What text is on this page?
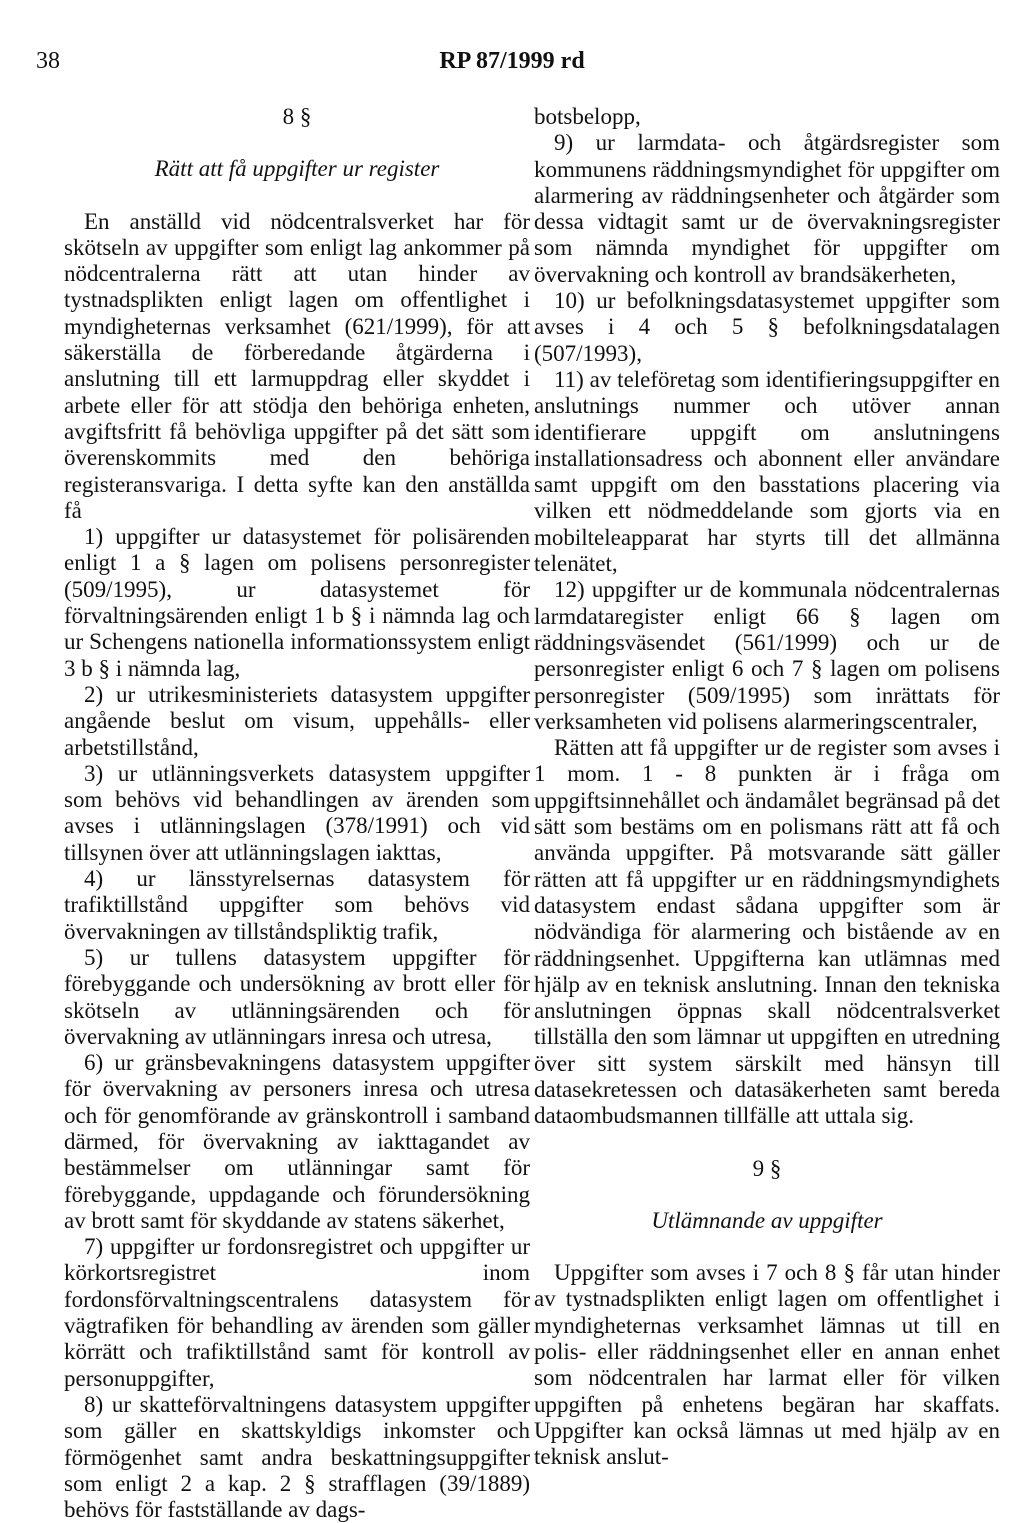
38	RP 87/1999 rd
8 §
Rätt att få uppgifter ur register

En anställd vid nödcentralsverket har för skötseln av uppgifter som enligt lag ankommer på nödcentralerna rätt att utan hinder av tystnadsplikten enligt lagen om offentlighet i myndigheternas verksamhet (621/1999), för att säkerställa de förberedande åtgärderna i anslutning till ett larmuppdrag eller skyddet i arbete eller för att stödja den behöriga enheten, avgiftsfritt få behövliga uppgifter på det sätt som överenskommits med den behöriga registeransvariga. I detta syfte kan den anställda få

1) uppgifter ur datasystemet för polisärenden enligt 1 a § lagen om polisens personregister (509/1995), ur datasystemet för förvaltningsärenden enligt 1 b § i nämnda lag och ur Schengens nationella informationssystem enligt 3 b § i nämnda lag,

2) ur utrikesministeriets datasystem uppgifter angående beslut om visum, uppehålls- eller arbetstillstånd,

3) ur utlänningsverkets datasystem uppgifter som behövs vid behandlingen av ärenden som avses i utlänningslagen (378/1991) och vid tillsynen över att utlänningslagen iakttas,

4) ur länsstyrelsernas datasystem för trafiktillstånd uppgifter som behövs vid övervakningen av tillståndspliktig trafik,

5) ur tullens datasystem uppgifter för förebyggande och undersökning av brott eller för skötseln av utlänningsärenden och för övervakning av utlänningars inresa och utresa,

6) ur gränsbevakningens datasystem uppgifter för övervakning av personers inresa och utresa och för genomförande av gränskontroll i samband därmed, för övervakning av iakttagandet av bestämmelser om utlänningar samt för förebyggande, uppdagande och förundersökning av brott samt för skyddande av statens säkerhet,

7) uppgifter ur fordonsregistret och uppgifter ur körkortsregistret inom fordonsförvaltningscentralens datasystem för vägtrafiken för behandling av ärenden som gäller körrätt och trafiktillstånd samt för kontroll av personuppgifter,

8) ur skatteförvaltningens datasystem uppgifter som gäller en skattskyldigs inkomster och förmögenhet samt andra beskattningsuppgifter som enligt 2 a kap. 2 § strafflagen (39/1889) behövs för fastställande av dags-

botsbelopp,

9) ur larmdata- och åtgärdsregister som kommunens räddningsmyndighet för uppgifter om alarmering av räddningsenheter och åtgärder som dessa vidtagit samt ur de övervakningsregister som nämnda myndighet för uppgifter om övervakning och kontroll av brandsäkerheten,

10) ur befolkningsdatasystemet uppgifter som avses i 4 och 5 § befolkningsdatalagen (507/1993),

11) av teleföretag som identifieringsuppgifter en anslutnings nummer och utöver annan identifierare uppgift om anslutningens installationsadress och abonnent eller användare samt uppgift om den basstations placering via vilken ett nödmeddelande som gjorts via en mobilteleapparat har styrts till det allmänna telenätet,

12) uppgifter ur de kommunala nödcentralernas larmdataregister enligt 66 § lagen om räddningsväsendet (561/1999) och ur de personregister enligt 6 och 7 § lagen om polisens personregister (509/1995) som inrättats för verksamheten vid polisens alarmeringscentraler,

Rätten att få uppgifter ur de register som avses i 1 mom. 1 - 8 punkten är i fråga om uppgiftsinnehållet och ändamålet begränsad på det sätt som bestäms om en polismans rätt att få och använda uppgifter. På motsvarande sätt gäller rätten att få uppgifter ur en räddningsmyndighets datasystem endast sådana uppgifter som är nödvändiga för alarmering och bistående av en räddningsenhet. Uppgifterna kan utlämnas med hjälp av en teknisk anslutning. Innan den tekniska anslutningen öppnas skall nödcentralsverket tillställa den som lämnar ut uppgiften en utredning över sitt system särskilt med hänsyn till datasekretessen och datasäkerheten samt bereda dataombudsmannen tillfälle att uttala sig.

9 §
Utlämnande av uppgifter

Uppgifter som avses i 7 och 8 § får utan hinder av tystnadsplikten enligt lagen om offentlighet i myndigheternas verksamhet lämnas ut till en polis- eller räddningsenhet eller en annan enhet som nödcentralen har larmat eller för vilken uppgiften på enhetens begäran har skaffats. Uppgifter kan också lämnas ut med hjälp av en teknisk anslut-
